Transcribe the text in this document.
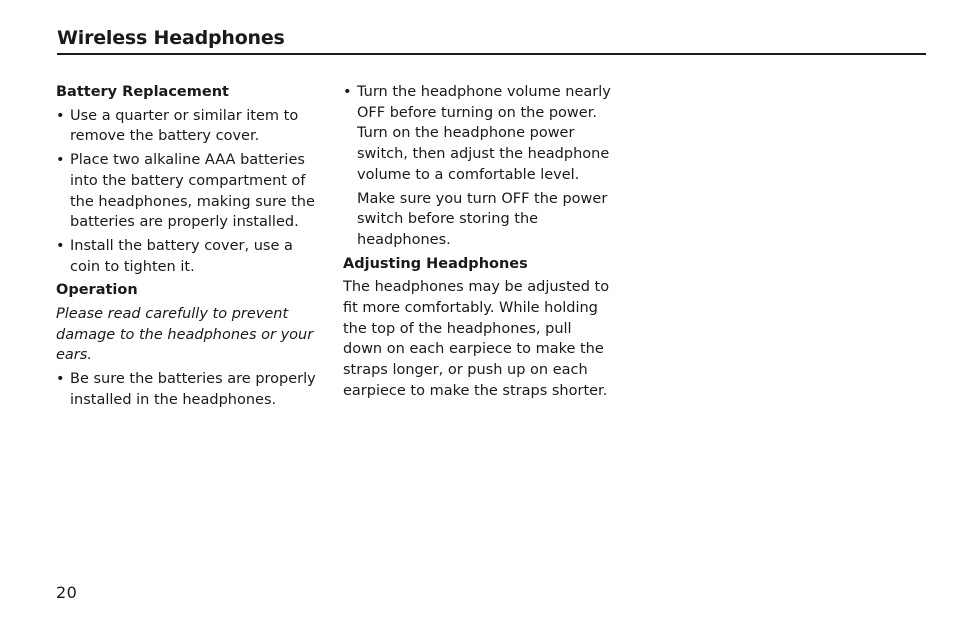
Wireless Headphones

Battery Replacement

• Use a quarter or similar item to remove the battery cover.
• Place two alkaline AAA batteries into the battery compartment of the headphones, making sure the batteries are properly installed.
• Install the battery cover, use a coin to tighten it.

Operation

Please read carefully to prevent damage to the headphones or your ears.

• Be sure the batteries are properly installed in the headphones.
• Turn the headphone volume nearly OFF before turning on the power. Turn on the headphone power switch, then adjust the headphone volume to a comfortable level.

Make sure you turn OFF the power switch before storing the headphones.

Adjusting Headphones

The headphones may be adjusted to fit more comfortably. While holding the top of the headphones, pull down on each earpiece to make the straps longer, or push up on each earpiece to make the straps shorter.

20
